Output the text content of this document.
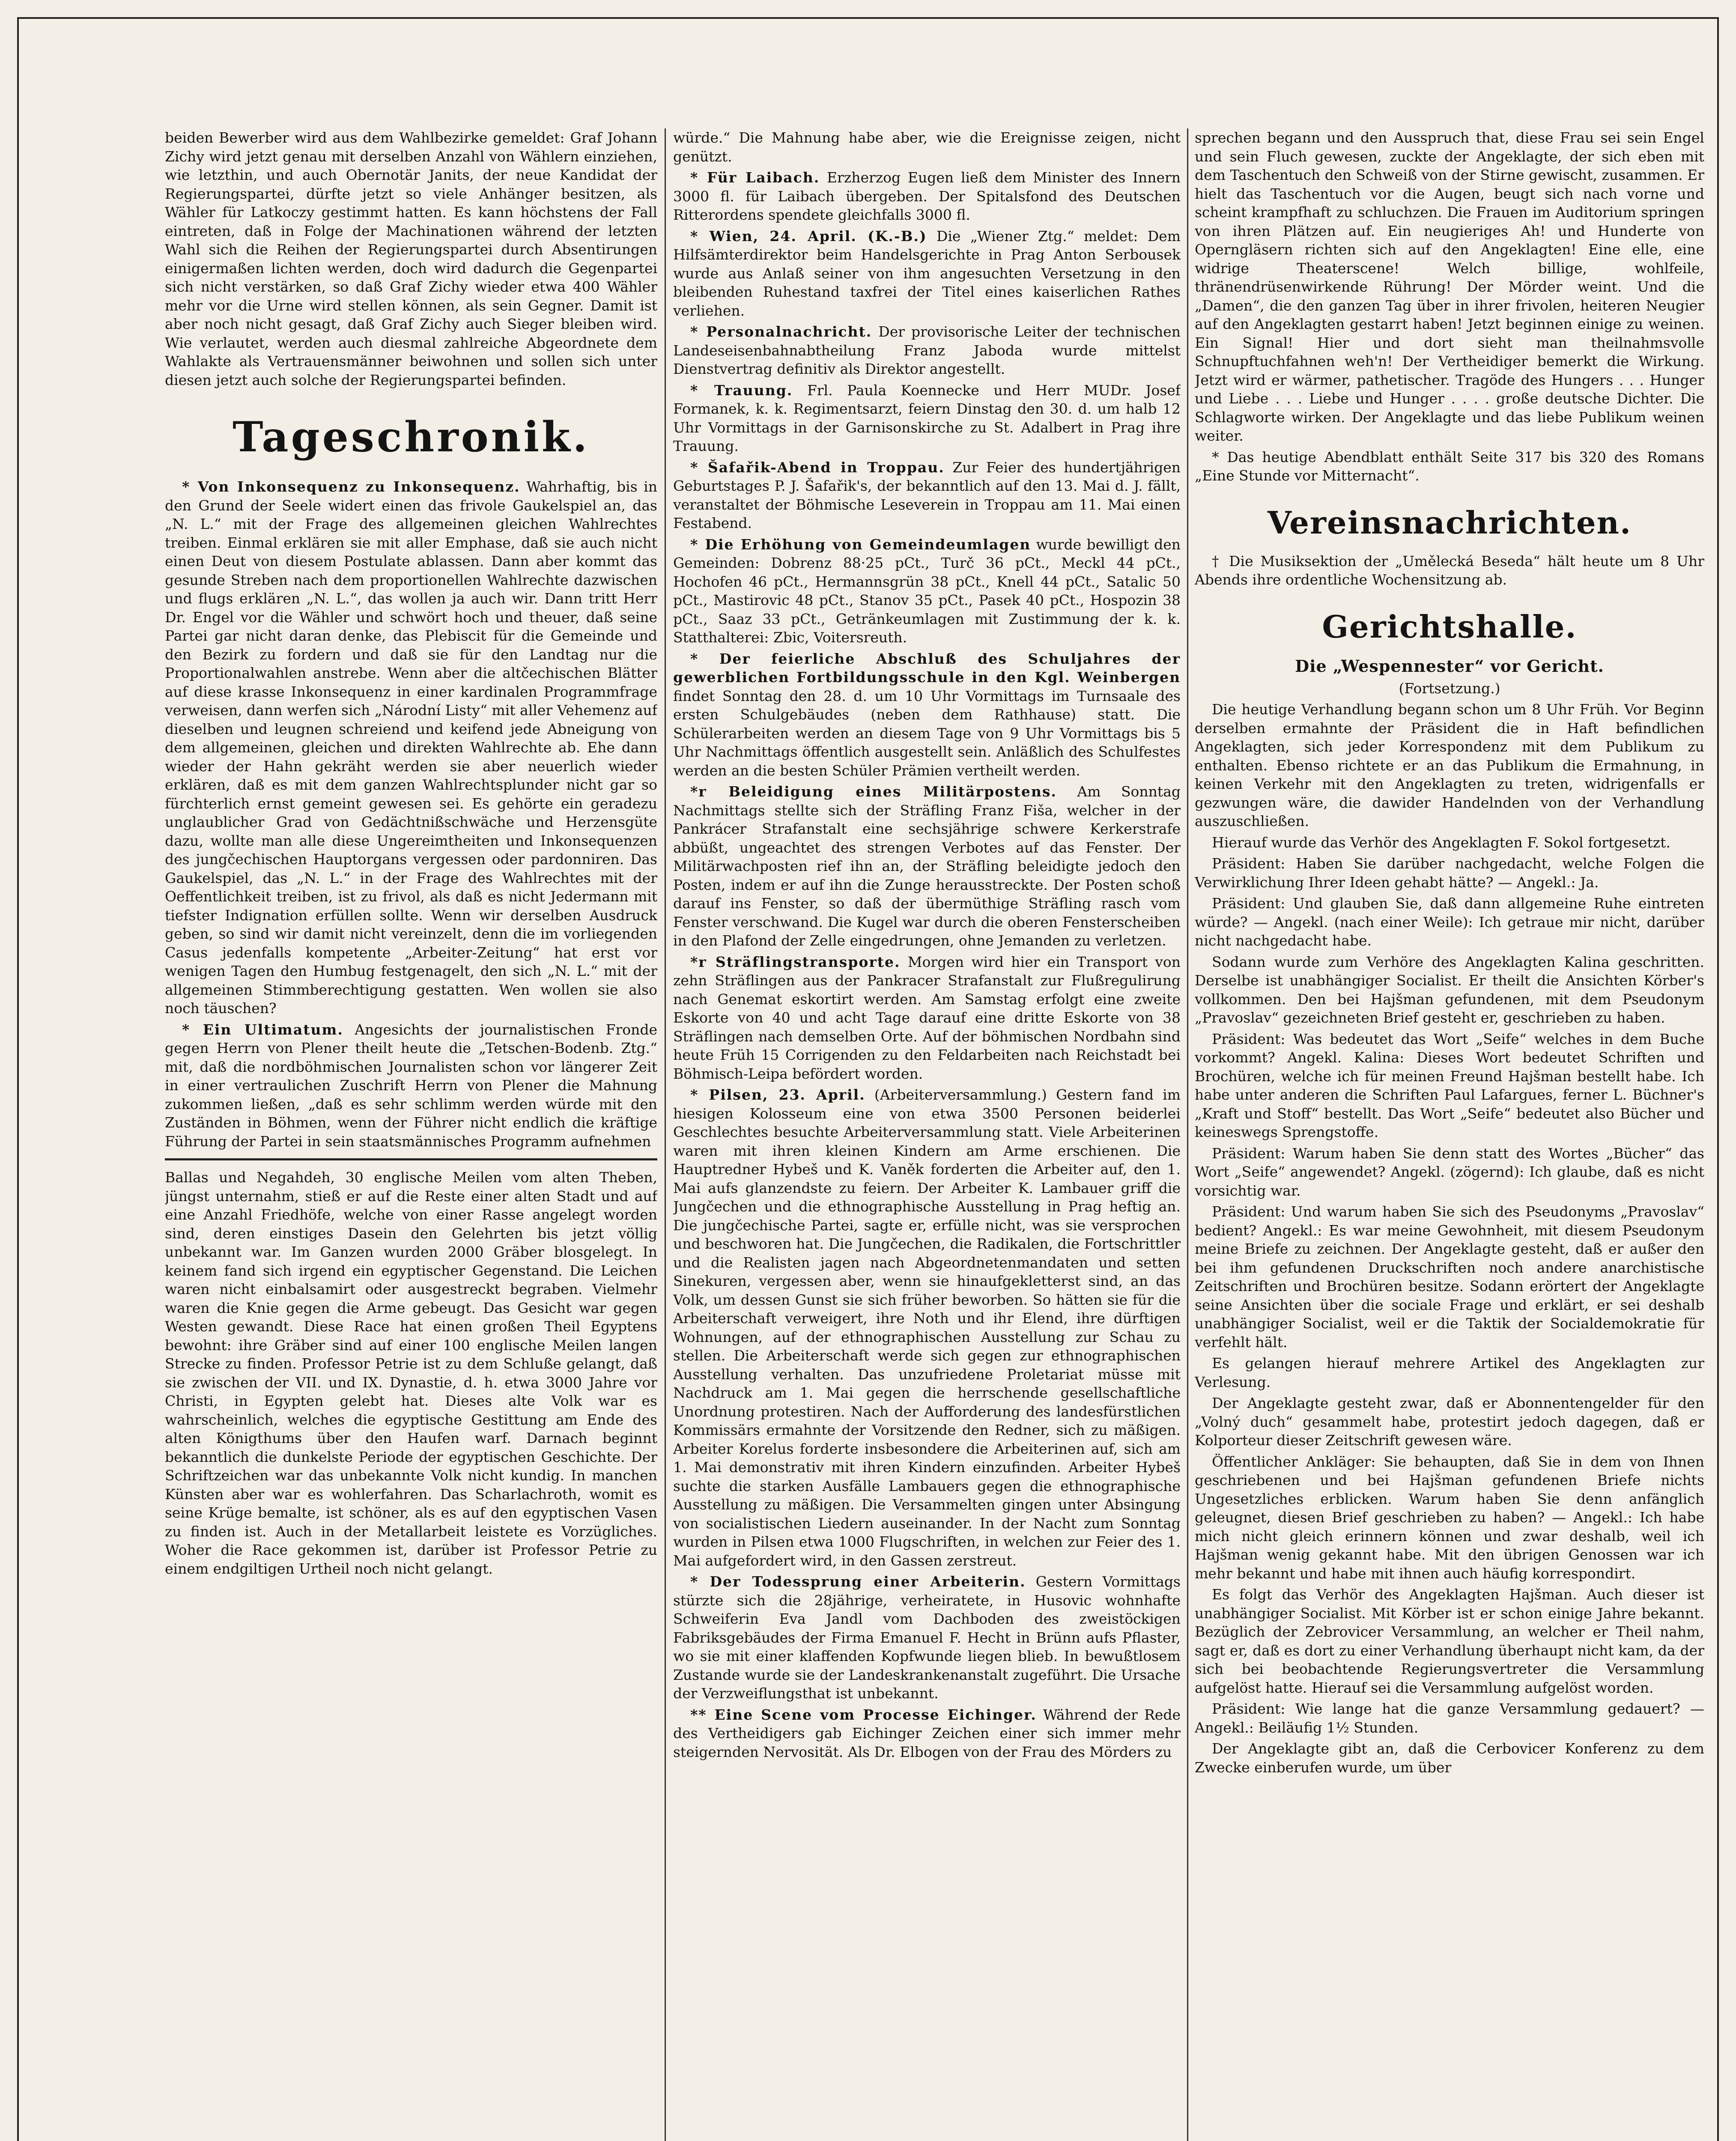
beiden Bewerber wird aus dem Wahlbezirke gemeldet: Graf Johann Zichy wird jetzt genau mit derselben Anzahl von Wählern einziehen, wie letzthin, und auch Obernotär Janits, der neue Kandidat der Regierungspartei, dürfte jetzt so viele Anhänger besitzen, als Wähler für Latkoczy gestimmt hatten. Es kann höchstens der Fall eintreten, daß in Folge der Machinationen während der letzten Wahl sich die Reihen der Regierungspartei durch Absentirungen einigermaßen lichten werden, doch wird dadurch die Gegenpartei sich nicht verstärken, so daß Graf Zichy wieder etwa 400 Wähler mehr vor die Urne wird stellen können, als sein Gegner. Damit ist aber noch nicht gesagt, daß Graf Zichy auch Sieger bleiben wird. Wie verlautet, werden auch diesmal zahlreiche Abgeordnete dem Wahlakte als Vertrauensmänner beiwohnen und sollen sich unter diesen jetzt auch solche der Regierungspartei befinden.

Tageschronik.

* Von Inkonsequenz zu Inkonsequenz. Wahrhaftig, bis in den Grund der Seele widert einen das frivole Gaukelspiel an, das „N. L.“ mit der Frage des allgemeinen gleichen Wahlrechtes treiben. Einmal erklären sie mit aller Emphase, daß sie auch nicht einen Deut von diesem Postulate ablassen. Dann aber kommt das gesunde Streben nach dem proportionellen Wahlrechte dazwischen und flugs erklären „N. L.“, das wollen ja auch wir. Dann tritt Herr Dr. Engel vor die Wähler und schwört hoch und theuer, daß seine Partei gar nicht daran denke, das Plebiscit für die Gemeinde und den Bezirk zu fordern und daß sie für den Landtag nur die Proportionalwahlen anstrebe. Wenn aber die altčechischen Blätter auf diese krasse Inkonsequenz in einer kardinalen Programmfrage verweisen, dann werfen sich „Národní Listy“ mit aller Vehemenz auf dieselben und leugnen schreiend und keifend jede Abneigung von dem allgemeinen, gleichen und direkten Wahlrechte ab. Ehe dann wieder der Hahn gekräht werden sie aber neuerlich wieder erklären, daß es mit dem ganzen Wahlrechtsplunder nicht gar so fürchterlich ernst gemeint gewesen sei. Es gehörte ein geradezu unglaublicher Grad von Gedächtnißschwäche und Herzensgüte dazu, wollte man alle diese Ungereimtheiten und Inkonsequenzen des jungčechischen Hauptorgans vergessen oder pardonniren. Das Gaukelspiel, das „N. L.“ in der Frage des Wahlrechtes mit der Oeffentlichkeit treiben, ist zu frivol, als daß es nicht Jedermann mit tiefster Indignation erfüllen sollte. Wenn wir derselben Ausdruck geben, so sind wir damit nicht vereinzelt, denn die im vorliegenden Casus jedenfalls kompetente „Arbeiter-Zeitung“ hat erst vor wenigen Tagen den Humbug festgenagelt, den sich „N. L.“ mit der allgemeinen Stimmberechtigung gestatten. Wen wollen sie also noch täuschen?

* Ein Ultimatum. Angesichts der journalistischen Fronde gegen Herrn von Plener theilt heute die „Tetschen-Bodenb. Ztg.“ mit, daß die nordböhmischen Journalisten schon vor längerer Zeit in einer vertraulichen Zuschrift Herrn von Plener die Mahnung zukommen ließen, „daß es sehr schlimm werden würde mit den Zuständen in Böhmen, wenn der Führer nicht endlich die kräftige Führung der Partei in sein staatsmännisches Programm aufnehmen

Ballas und Negahdeh, 30 englische Meilen vom alten Theben, jüngst unternahm, stieß er auf die Reste einer alten Stadt und auf eine Anzahl Friedhöfe, welche von einer Rasse angelegt worden sind, deren einstiges Dasein den Gelehrten bis jetzt völlig unbekannt war. Im Ganzen wurden 2000 Gräber blosgelegt. In keinem fand sich irgend ein egyptischer Gegenstand. Die Leichen waren nicht einbalsamirt oder ausgestreckt begraben. Vielmehr waren die Knie gegen die Arme gebeugt. Das Gesicht war gegen Westen gewandt. Diese Race hat einen großen Theil Egyptens bewohnt: ihre Gräber sind auf einer 100 englische Meilen langen Strecke zu finden. Professor Petrie ist zu dem Schluße gelangt, daß sie zwischen der VII. und IX. Dynastie, d. h. etwa 3000 Jahre vor Christi, in Egypten gelebt hat. Dieses alte Volk war es wahrscheinlich, welches die egyptische Gestittung am Ende des alten Königthums über den Haufen warf. Darnach beginnt bekanntlich die dunkelste Periode der egyptischen Geschichte. Der Schriftzeichen war das unbekannte Volk nicht kundig. In manchen Künsten aber war es wohlerfahren. Das Scharlachroth, womit es seine Krüge bemalte, ist schöner, als es auf den egyptischen Vasen zu finden ist. Auch in der Metallarbeit leistete es Vorzügliches. Woher die Race gekommen ist, darüber ist Professor Petrie zu einem endgiltigen Urtheil noch nicht gelangt.

würde.“ Die Mahnung habe aber, wie die Ereignisse zeigen, nicht genützt.

* Für Laibach. Erzherzog Eugen ließ dem Minister des Innern 3000 fl. für Laibach übergeben. Der Spitalsfond des Deutschen Ritterordens spendete gleichfalls 3000 fl.

* Wien, 24. April. (K.-B.) Die „Wiener Ztg.“ meldet: Dem Hilfsämterdirektor beim Handelsgerichte in Prag Anton Serbousek wurde aus Anlaß seiner von ihm angesuchten Versetzung in den bleibenden Ruhestand taxfrei der Titel eines kaiserlichen Rathes verliehen.

* Personalnachricht. Der provisorische Leiter der technischen Landeseisenbahnabtheilung Franz Jaboda wurde mittelst Dienstvertrag definitiv als Direktor angestellt.

* Trauung. Frl. Paula Koennecke und Herr MUDr. Josef Formanek, k. k. Regimentsarzt, feiern Dinstag den 30. d. um halb 12 Uhr Vormittags in der Garnisonskirche zu St. Adalbert in Prag ihre Trauung.

* Šafařik-Abend in Troppau. Zur Feier des hundertjährigen Geburtstages P. J. Šafařik's, der bekanntlich auf den 13. Mai d. J. fällt, veranstaltet der Böhmische Leseverein in Troppau am 11. Mai einen Festabend.

* Die Erhöhung von Gemeindeumlagen wurde bewilligt den Gemeinden: Dobrenz 88·25 pCt., Turč 36 pCt., Meckl 44 pCt., Hochofen 46 pCt., Hermannsgrün 38 pCt., Knell 44 pCt., Satalic 50 pCt., Mastirovic 48 pCt., Stanov 35 pCt., Pasek 40 pCt., Hospozin 38 pCt., Saaz 33 pCt., Getränkeumlagen mit Zustimmung der k. k. Statthalterei: Zbic, Voitersreuth.

* Der feierliche Abschluß des Schuljahres der gewerblichen Fortbildungsschule in den Kgl. Weinbergen findet Sonntag den 28. d. um 10 Uhr Vormittags im Turnsaale des ersten Schulgebäudes (neben dem Rathhause) statt. Die Schülerarbeiten werden an diesem Tage von 9 Uhr Vormittags bis 5 Uhr Nachmittags öffentlich ausgestellt sein. Anläßlich des Schulfestes werden an die besten Schüler Prämien vertheilt werden.

*r Beleidigung eines Militärpostens. Am Sonntag Nachmittags stellte sich der Sträfling Franz Fiša, welcher in der Pankrácer Strafanstalt eine sechsjährige schwere Kerkerstrafe abbüßt, ungeachtet des strengen Verbotes auf das Fenster. Der Militärwachposten rief ihn an, der Sträfling beleidigte jedoch den Posten, indem er auf ihn die Zunge herausstreckte. Der Posten schoß darauf ins Fenster, so daß der übermüthige Sträfling rasch vom Fenster verschwand. Die Kugel war durch die oberen Fensterscheiben in den Plafond der Zelle eingedrungen, ohne Jemanden zu verletzen.

*r Sträflingstransporte. Morgen wird hier ein Transport von zehn Sträflingen aus der Pankracer Strafanstalt zur Flußregulirung nach Genemat eskortirt werden. Am Samstag erfolgt eine zweite Eskorte von 40 und acht Tage darauf eine dritte Eskorte von 38 Sträflingen nach demselben Orte. Auf der böhmischen Nordbahn sind heute Früh 15 Corrigenden zu den Feldarbeiten nach Reichstadt bei Böhmisch-Leipa befördert worden.

* Pilsen, 23. April. (Arbeiterversammlung.) Gestern fand im hiesigen Kolosseum eine von etwa 3500 Personen beiderlei Geschlechtes besuchte Arbeiterversammlung statt. Viele Arbeiterinen waren mit ihren kleinen Kindern am Arme erschienen. Die Hauptredner Hybeš und K. Vaněk forderten die Arbeiter auf, den 1. Mai aufs glanzendste zu feiern. Der Arbeiter K. Lambauer griff die Jungčechen und die ethnographische Ausstellung in Prag heftig an. Die jungčechische Partei, sagte er, erfülle nicht, was sie versprochen und beschworen hat. Die Jungčechen, die Radikalen, die Fortschrittler und die Realisten jagen nach Abgeordnetenmandaten und setten Sinekuren, vergessen aber, wenn sie hinaufgekletterst sind, an das Volk, um dessen Gunst sie sich früher beworben. So hätten sie für die Arbeiterschaft verweigert, ihre Noth und ihr Elend, ihre dürftigen Wohnungen, auf der ethnographischen Ausstellung zur Schau zu stellen. Die Arbeiterschaft werde sich gegen zur ethnographischen Ausstellung verhalten. Das unzufriedene Proletariat müsse mit Nachdruck am 1. Mai gegen die herrschende gesellschaftliche Unordnung protestiren. Nach der Aufforderung des landesfürstlichen Kommissärs ermahnte der Vorsitzende den Redner, sich zu mäßigen. Arbeiter Korelus forderte insbesondere die Arbeiterinen auf, sich am 1. Mai demonstrativ mit ihren Kindern einzufinden. Arbeiter Hybeš suchte die starken Ausfälle Lambauers gegen die ethnographische Ausstellung zu mäßigen. Die Versammelten gingen unter Absingung von socialistischen Liedern auseinander. In der Nacht zum Sonntag wurden in Pilsen etwa 1000 Flugschriften, in welchen zur Feier des 1. Mai aufgefordert wird, in den Gassen zerstreut.

* Der Todessprung einer Arbeiterin. Gestern Vormittags stürzte sich die 28jährige, verheiratete, in Husovic wohnhafte Schweiferin Eva Jandl vom Dachboden des zweistöckigen Fabriksgebäudes der Firma Emanuel F. Hecht in Brünn aufs Pflaster, wo sie mit einer klaffenden Kopfwunde liegen blieb. In bewußtlosem Zustande wurde sie der Landeskrankenanstalt zugeführt. Die Ursache der Verzweiflungsthat ist unbekannt.

** Eine Scene vom Processe Eichinger. Während der Rede des Vertheidigers gab Eichinger Zeichen einer sich immer mehr steigernden Nervosität. Als Dr. Elbogen von der Frau des Mörders zu

sprechen begann und den Ausspruch that, diese Frau sei sein Engel und sein Fluch gewesen, zuckte der Angeklagte, der sich eben mit dem Taschentuch den Schweiß von der Stirne gewischt, zusammen. Er hielt das Taschentuch vor die Augen, beugt sich nach vorne und scheint krampfhaft zu schluchzen. Die Frauen im Auditorium springen von ihren Plätzen auf. Ein neugieriges Ah! und Hunderte von Operngläsern richten sich auf den Angeklagten! Eine elle, eine widrige Theaterscene! Welch billige, wohlfeile, thränendrüsenwirkende Rührung! Der Mörder weint. Und die „Damen“, die den ganzen Tag über in ihrer frivolen, heiteren Neugier auf den Angeklagten gestarrt haben! Jetzt beginnen einige zu weinen. Ein Signal! Hier und dort sieht man theilnahmsvolle Schnupftuchfahnen weh'n! Der Vertheidiger bemerkt die Wirkung. Jetzt wird er wärmer, pathetischer. Tragöde des Hungers . . . Hunger und Liebe . . . Liebe und Hunger . . . . große deutsche Dichter. Die Schlagworte wirken. Der Angeklagte und das liebe Publikum weinen weiter.

* Das heutige Abendblatt enthält Seite 317 bis 320 des Romans „Eine Stunde vor Mitternacht“.

Vereinsnachrichten.

† Die Musiksektion der „Umělecká Beseda“ hält heute um 8 Uhr Abends ihre ordentliche Wochensitzung ab.

Gerichtshalle.
Die „Wespennester“ vor Gericht.

(Fortsetzung.)

Die heutige Verhandlung begann schon um 8 Uhr Früh. Vor Beginn derselben ermahnte der Präsident die in Haft befindlichen Angeklagten, sich jeder Korrespondenz mit dem Publikum zu enthalten. Ebenso richtete er an das Publikum die Ermahnung, in keinen Verkehr mit den Angeklagten zu treten, widrigenfalls er gezwungen wäre, die dawider Handelnden von der Verhandlung auszuschließen.

Hierauf wurde das Verhör des Angeklagten F. Sokol fortgesetzt.

Präsident: Haben Sie darüber nachgedacht, welche Folgen die Verwirklichung Ihrer Ideen gehabt hätte? — Angekl.: Ja.

Präsident: Und glauben Sie, daß dann allgemeine Ruhe eintreten würde? — Angekl. (nach einer Weile): Ich getraue mir nicht, darüber nicht nachgedacht habe.

Sodann wurde zum Verhöre des Angeklagten Kalina geschritten. Derselbe ist unabhängiger Socialist. Er theilt die Ansichten Körber's vollkommen. Den bei Hajšman gefundenen, mit dem Pseudonym „Pravoslav“ gezeichneten Brief gesteht er, geschrieben zu haben.

Präsident: Was bedeutet das Wort „Seife“ welches in dem Buche vorkommt? Angekl. Kalina: Dieses Wort bedeutet Schriften und Brochüren, welche ich für meinen Freund Hajšman bestellt habe. Ich habe unter anderen die Schriften Paul Lafargues, ferner L. Büchner's „Kraft und Stoff“ bestellt. Das Wort „Seife“ bedeutet also Bücher und keineswegs Sprengstoffe.

Präsident: Warum haben Sie denn statt des Wortes „Bücher“ das Wort „Seife“ angewendet? Angekl. (zögernd): Ich glaube, daß es nicht vorsichtig war.

Präsident: Und warum haben Sie sich des Pseudonyms „Pravoslav“ bedient? Angekl.: Es war meine Gewohnheit, mit diesem Pseudonym meine Briefe zu zeichnen. Der Angeklagte gesteht, daß er außer den bei ihm gefundenen Druckschriften noch andere anarchistische Zeitschriften und Brochüren besitze. Sodann erörtert der Angeklagte seine Ansichten über die sociale Frage und erklärt, er sei deshalb unabhängiger Socialist, weil er die Taktik der Socialdemokratie für verfehlt hält.

Es gelangen hierauf mehrere Artikel des Angeklagten zur Verlesung.

Der Angeklagte gesteht zwar, daß er Abonnentengelder für den „Volný duch“ gesammelt habe, protestirt jedoch dagegen, daß er Kolporteur dieser Zeitschrift gewesen wäre.

Öffentlicher Ankläger: Sie behaupten, daß Sie in dem von Ihnen geschriebenen und bei Hajšman gefundenen Briefe nichts Ungesetzliches erblicken. Warum haben Sie denn anfänglich geleugnet, diesen Brief geschrieben zu haben? — Angekl.: Ich habe mich nicht gleich erinnern können und zwar deshalb, weil ich Hajšman wenig gekannt habe. Mit den übrigen Genossen war ich mehr bekannt und habe mit ihnen auch häufig korrespondirt.

Es folgt das Verhör des Angeklagten Hajšman. Auch dieser ist unabhängiger Socialist. Mit Körber ist er schon einige Jahre bekannt. Bezüglich der Zebrovicer Versammlung, an welcher er Theil nahm, sagt er, daß es dort zu einer Verhandlung überhaupt nicht kam, da der sich bei beobachtende Regierungsvertreter die Versammlung aufgelöst hatte. Hierauf sei die Versammlung aufgelöst worden.

Präsident: Wie lange hat die ganze Versammlung gedauert? — Angekl.: Beiläufig 1½ Stunden.

Der Angeklagte gibt an, daß die Cerbovicer Konferenz zu dem Zwecke einberufen wurde, um über
